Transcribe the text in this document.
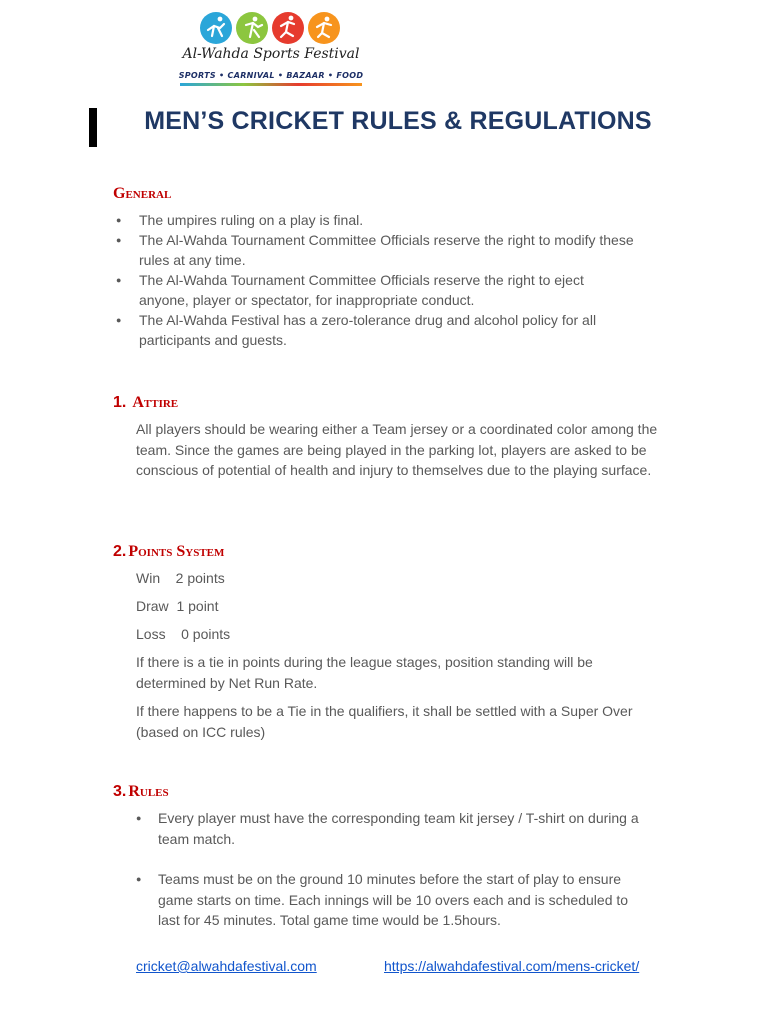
Al-Wahda Sports Festival
SPORTS • CARNIVAL • BAZAAR • FOOD
MEN’S CRICKET RULES & REGULATIONS
General
● The umpires ruling on a play is final.
● The Al-Wahda Tournament Committee Officials reserve the right to modify these rules at any time.
● The Al-Wahda Tournament Committee Officials reserve the right to eject anyone, player or spectator, for inappropriate conduct.
● The Al-Wahda Festival has a zero-tolerance drug and alcohol policy for all participants and guests.
1. Attire

All players should be wearing either a Team jersey or a coordinated color among the team. Since the games are being played in the parking lot, players are asked to be conscious of potential of health and injury to themselves due to the playing surface.

2. Points System

Win    2 points

Draw  1 point

Loss    0 points

If there is a tie in points during the league stages, position standing will be determined by Net Run Rate.

If there happens to be a Tie in the qualifiers, it shall be settled with a Super Over (based on ICC rules)

3. Rules
● Every player must have the corresponding team kit jersey / T-shirt on during a team match.
● Teams must be on the ground 10 minutes before the start of play to ensure game starts on time. Each innings will be 10 overs each and is scheduled to last for 45 minutes. Total game time would be 1.5hours.
cricket@alwahdafestival.com	https://alwahdafestival.com/mens-cricket/
